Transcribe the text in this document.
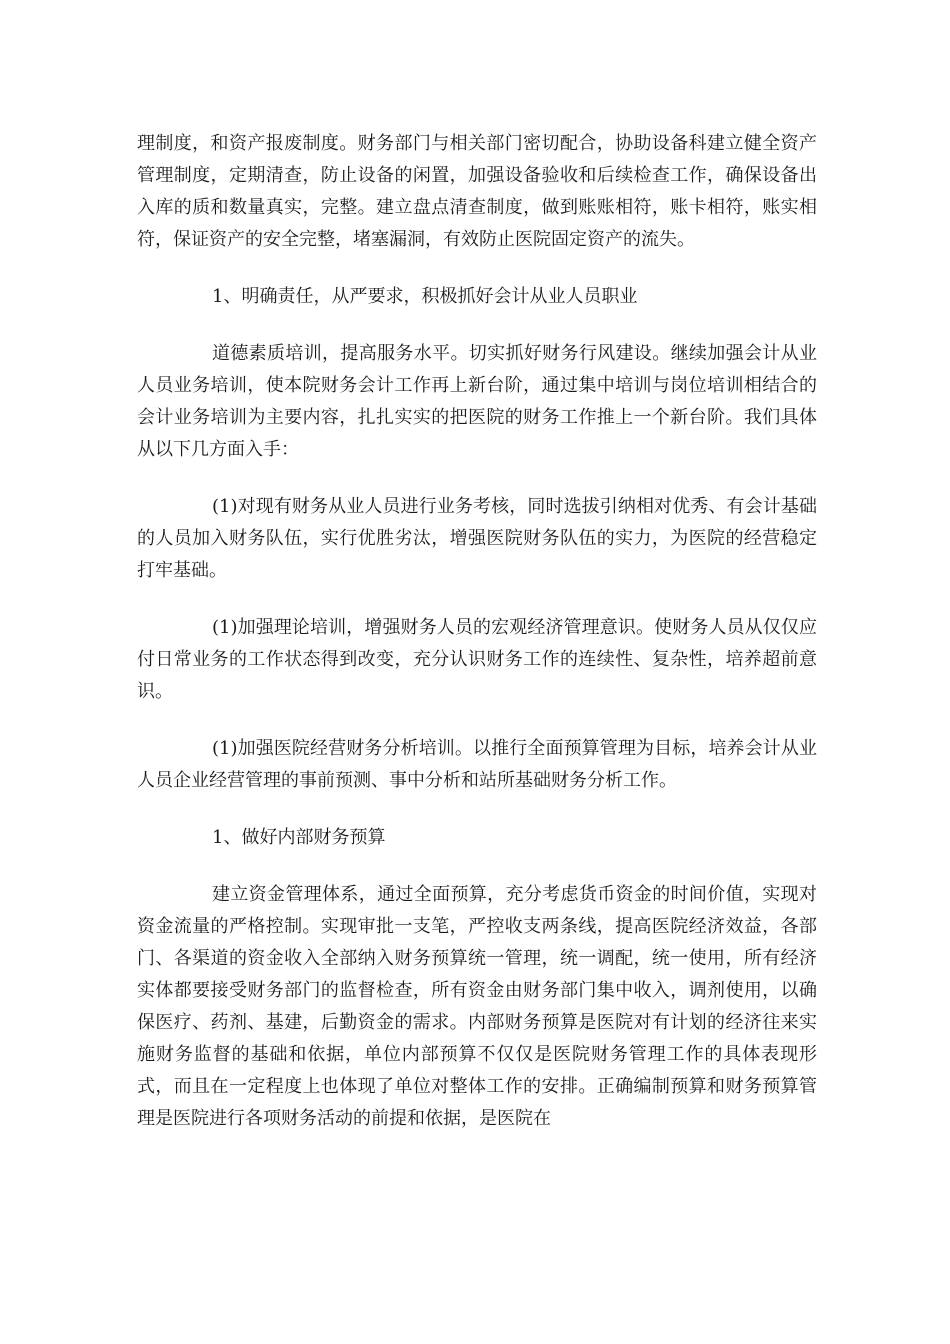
理制度，和资产报废制度。财务部门与相关部门密切配合，协助设备科建立健全资产管理制度，定期清查，防止设备的闲置，加强设备验收和后续检查工作，确保设备出入库的质和数量真实，完整。建立盘点清查制度，做到账账相符，账卡相符，账实相符，保证资产的安全完整，堵塞漏洞，有效防止医院固定资产的流失。

1、明确责任，从严要求，积极抓好会计从业人员职业

道德素质培训，提高服务水平。切实抓好财务行风建设。继续加强会计从业人员业务培训，使本院财务会计工作再上新台阶，通过集中培训与岗位培训相结合的会计业务培训为主要内容，扎扎实实的把医院的财务工作推上一个新台阶。我们具体从以下几方面入手：

(1)对现有财务从业人员进行业务考核，同时选拔引纳相对优秀、有会计基础的人员加入财务队伍，实行优胜劣汰，增强医院财务队伍的实力，为医院的经营稳定打牢基础。

(1)加强理论培训，增强财务人员的宏观经济管理意识。使财务人员从仅仅应付日常业务的工作状态得到改变，充分认识财务工作的连续性、复杂性，培养超前意识。

(1)加强医院经营财务分析培训。以推行全面预算管理为目标，培养会计从业人员企业经营管理的事前预测、事中分析和站所基础财务分析工作。

1、做好内部财务预算

建立资金管理体系，通过全面预算，充分考虑货币资金的时间价值，实现对资金流量的严格控制。实现审批一支笔，严控收支两条线，提高医院经济效益，各部门、各渠道的资金收入全部纳入财务预算统一管理，统一调配，统一使用，所有经济实体都要接受财务部门的监督检查，所有资金由财务部门集中收入，调剂使用，以确保医疗、药剂、基建，后勤资金的需求。内部财务预算是医院对有计划的经济往来实施财务监督的基础和依据，单位内部预算不仅仅是医院财务管理工作的具体表现形式，而且在一定程度上也体现了单位对整体工作的安排。正确编制预算和财务预算管理是医院进行各项财务活动的前提和依据，是医院在
